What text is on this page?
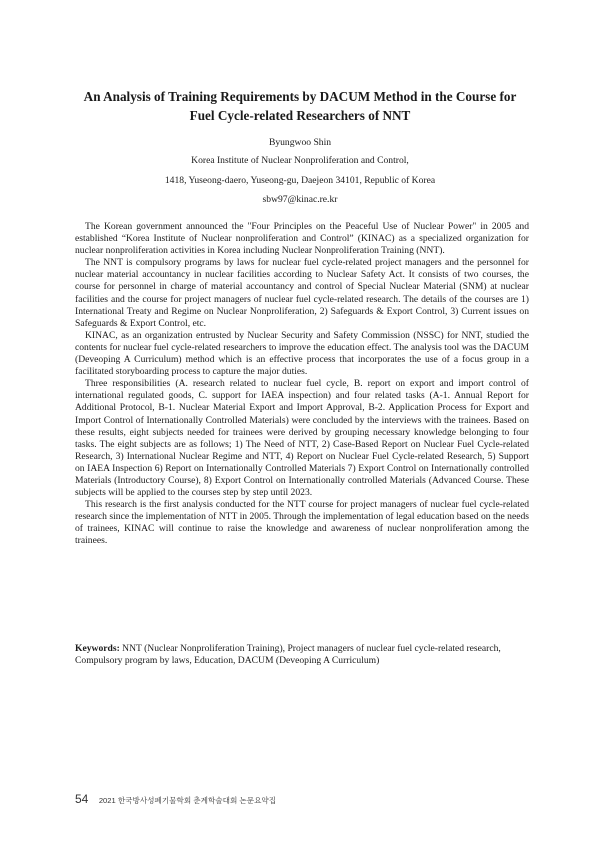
An Analysis of Training Requirements by DACUM Method in the Course for
Fuel Cycle-related Researchers of NNT

Byungwoo Shin

Korea Institute of Nuclear Nonproliferation and Control,

1418, Yuseong-daero, Yuseong-gu, Daejeon 34101, Republic of Korea

sbw97@kinac.re.kr

The Korean government announced the "Four Principles on the Peaceful Use of Nuclear Power" in 2005 and established “Korea Institute of Nuclear nonproliferation and Control” (KINAC) as a specialized organization for nuclear nonproliferation activities in Korea including Nuclear Nonproliferation Training (NNT).

The NNT is compulsory programs by laws for nuclear fuel cycle-related project managers and the personnel for nuclear material accountancy in nuclear facilities according to Nuclear Safety Act. It consists of two courses, the course for personnel in charge of material accountancy and control of Special Nuclear Material (SNM) at nuclear facilities and the course for project managers of nuclear fuel cycle-related research. The details of the courses are 1) International Treaty and Regime on Nuclear Nonproliferation, 2) Safeguards & Export Control, 3) Current issues on Safeguards & Export Control, etc.

KINAC, as an organization entrusted by Nuclear Security and Safety Commission (NSSC) for NNT, studied the contents for nuclear fuel cycle-related researchers to improve the education effect. The analysis tool was the DACUM (Deveoping A Curriculum) method which is an effective process that incorporates the use of a focus group in a facilitated storyboarding process to capture the major duties.

Three responsibilities (A. research related to nuclear fuel cycle, B. report on export and import control of international regulated goods, C. support for IAEA inspection) and four related tasks (A-1. Annual Report for Additional Protocol, B-1. Nuclear Material Export and Import Approval, B-2. Application Process for Export and Import Control of Internationally Controlled Materials) were concluded by the interviews with the trainees. Based on these results, eight subjects needed for trainees were derived by grouping necessary knowledge belonging to four tasks. The eight subjects are as follows; 1) The Need of NTT, 2) Case-Based Report on Nuclear Fuel Cycle-related Research, 3) International Nuclear Regime and NTT, 4) Report on Nuclear Fuel Cycle-related Research, 5) Support on IAEA Inspection 6) Report on Internationally Controlled Materials 7) Export Control on Internationally controlled Materials (Introductory Course), 8) Export Control on Internationally controlled Materials (Advanced Course. These subjects will be applied to the courses step by step until 2023.

This research is the first analysis conducted for the NTT course for project managers of nuclear fuel cycle-related research since the implementation of NTT in 2005. Through the implementation of legal education based on the needs of trainees, KINAC will continue to raise the knowledge and awareness of nuclear nonproliferation among the trainees.

Keywords: NNT (Nuclear Nonproliferation Training), Project managers of nuclear fuel cycle-related research, Compulsory program by laws, Education, DACUM (Deveoping A Curriculum)

54 2021 한국방사성폐기물학회 춘계학술대회 논문요약집
